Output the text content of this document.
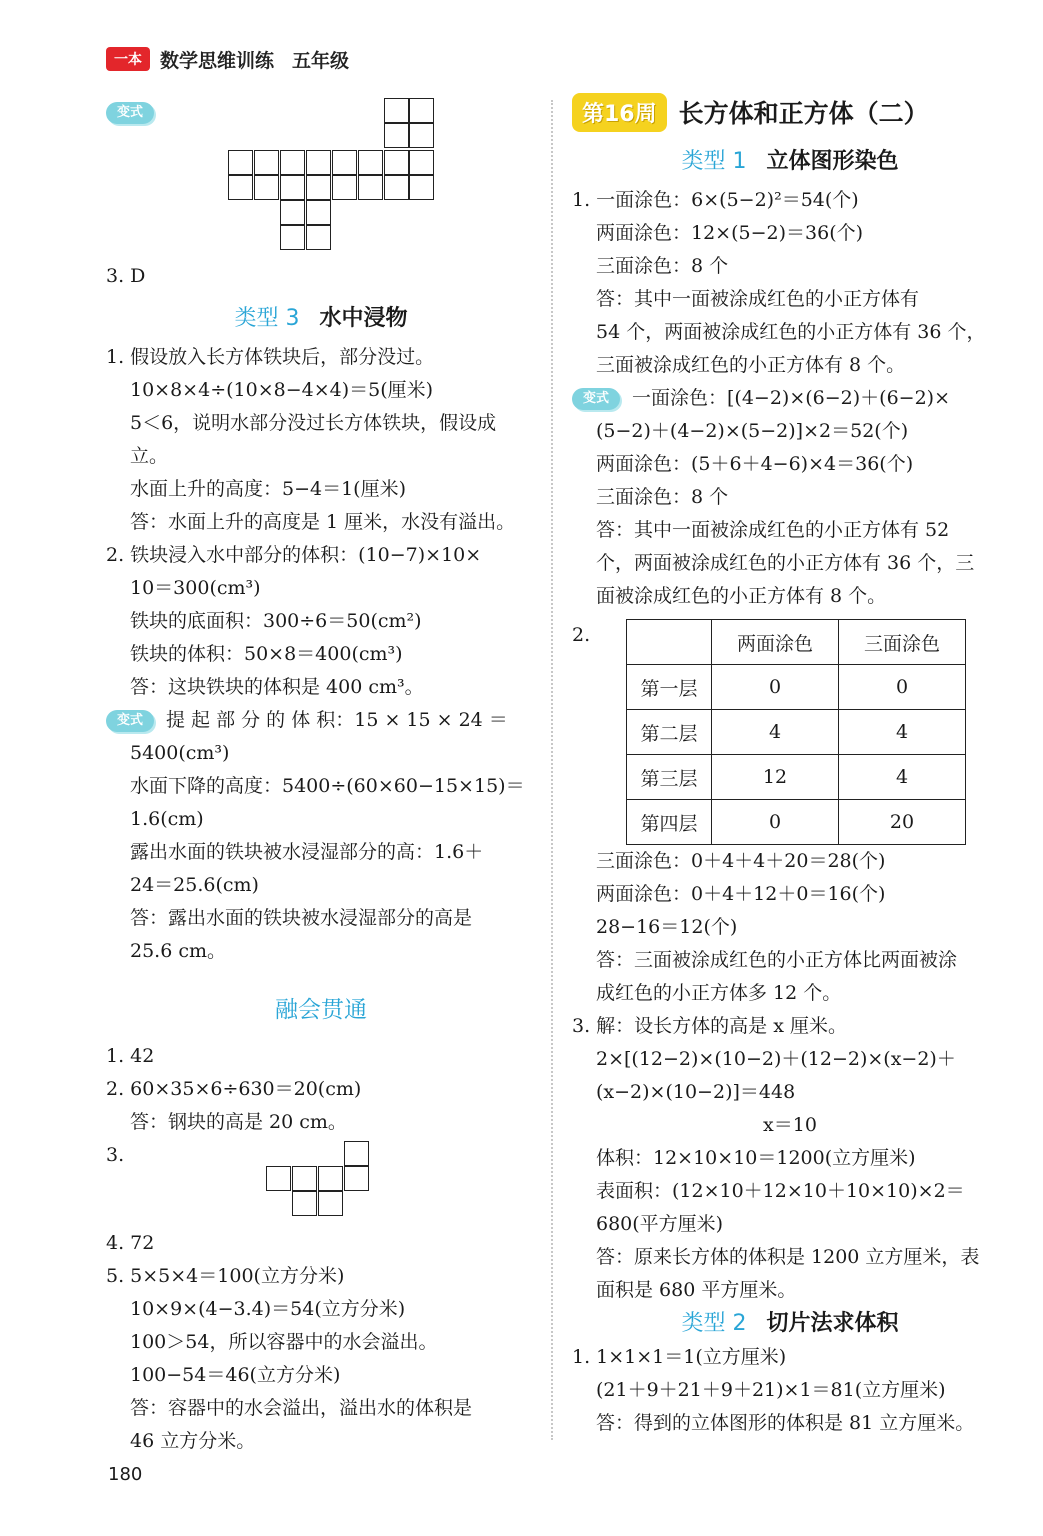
一本 数学思维训练 五年级
变式
3. D
类型 3 水中浸物
1. 假设放入长方体铁块后，部分没过。
10×8×4÷(10×8−4×4)＝5(厘米)
5＜6，说明水部分没过长方体铁块，假设成
立。
水面上升的高度：5−4＝1(厘米)
答：水面上升的高度是 1 厘米，水没有溢出。
2. 铁块浸入水中部分的体积：(10−7)×10×
10＝300(cm³)
铁块的底面积：300÷6＝50(cm²)
铁块的体积：50×8＝400(cm³)
答：这块铁块的体积是 400 cm³。
变式 提 起 部 分 的 体 积：15 × 15 × 24 ＝
5400(cm³)
水面下降的高度：5400÷(60×60−15×15)＝
1.6(cm)
露出水面的铁块被水浸湿部分的高：1.6＋
24＝25.6(cm)
答：露出水面的铁块被水浸湿部分的高是
25.6 cm。
融会贯通
1. 42
2. 60×35×6÷630＝20(cm)
答：钢块的高是 20 cm。
3.
4. 72
5. 5×5×4＝100(立方分米)
10×9×(4−3.4)＝54(立方分米)
100＞54，所以容器中的水会溢出。
100−54＝46(立方分米)
答：容器中的水会溢出，溢出水的体积是
46 立方分米。
第16周 长方体和正方体（二）
类型 1 立体图形染色
1. 一面涂色：6×(5−2)²＝54(个)
两面涂色：12×(5−2)＝36(个)
三面涂色：8 个
答：其中一面被涂成红色的小正方体有
54 个，两面被涂成红色的小正方体有 36 个，
三面被涂成红色的小正方体有 8 个。
变式 一面涂色：[(4−2)×(6−2)＋(6−2)×
(5−2)＋(4−2)×(5−2)]×2＝52(个)
两面涂色：(5＋6＋4−6)×4＝36(个)
三面涂色：8 个
答：其中一面被涂成红色的小正方体有 52
个，两面被涂成红色的小正方体有 36 个，三
面被涂成红色的小正方体有 8 个。
2.
		两面涂色	三面涂色
第一层	0	0
第二层	4	4
第三层	12	4
第四层	0	20
三面涂色：0＋4＋4＋20＝28(个)
两面涂色：0＋4＋12＋0＝16(个)
28−16＝12(个)
答：三面被涂成红色的小正方体比两面被涂
成红色的小正方体多 12 个。
3. 解：设长方体的高是 x 厘米。
2×[(12−2)×(10−2)＋(12−2)×(x−2)＋
(x−2)×(10−2)]＝448
x＝10
体积：12×10×10＝1200(立方厘米)
表面积：(12×10＋12×10＋10×10)×2＝
680(平方厘米)
答：原来长方体的体积是 1200 立方厘米，表
面积是 680 平方厘米。
类型 2 切片法求体积
1. 1×1×1＝1(立方厘米)
(21＋9＋21＋9＋21)×1＝81(立方厘米)
答：得到的立体图形的体积是 81 立方厘米。
180
